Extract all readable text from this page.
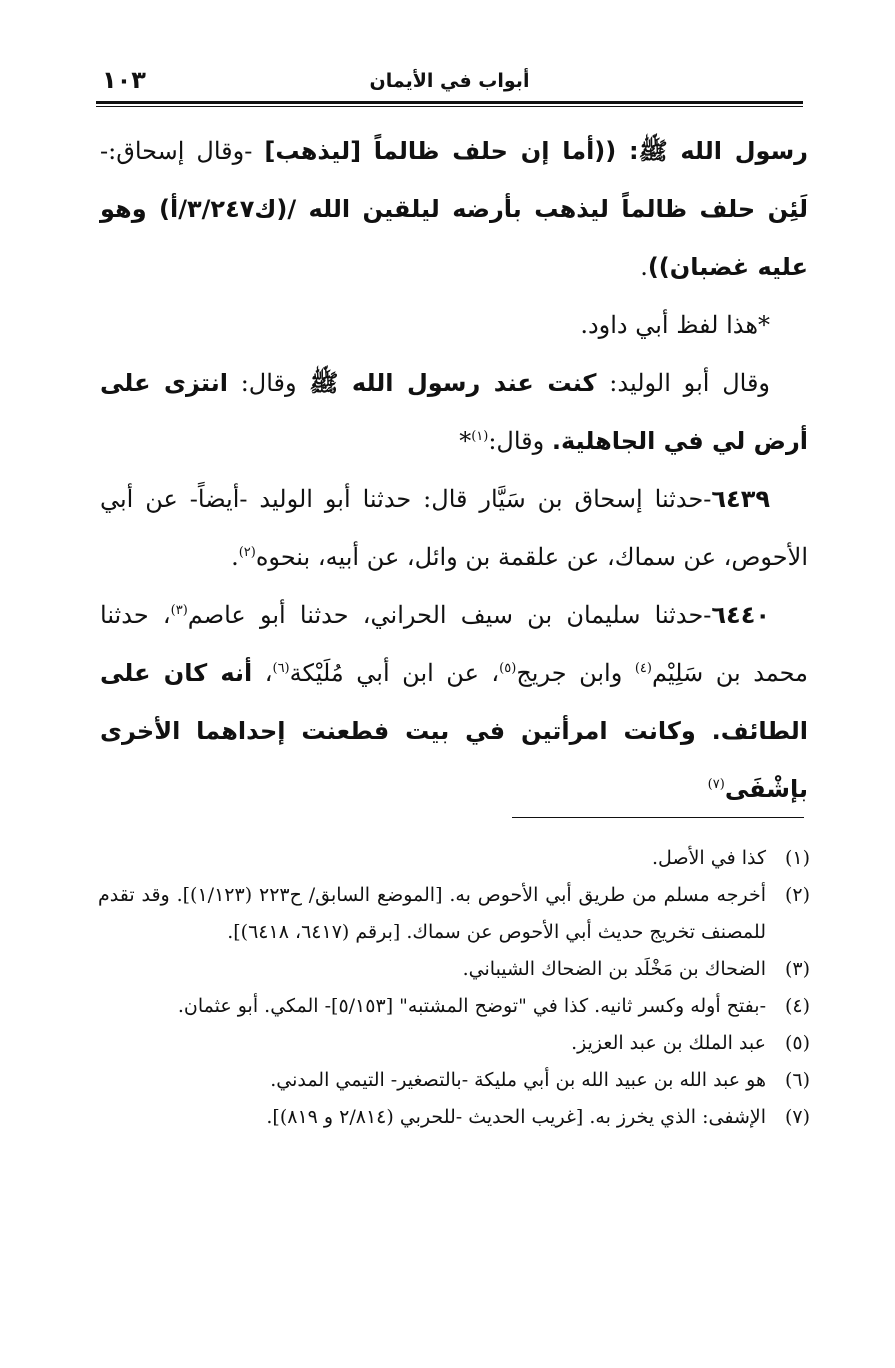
أبواب في الأيمان
١٠٣

رسول الله ﷺ: ((أما إن حلف ظالماً [ليذهب] -وقال إسحاق:- لَئِن حلف ظالماً ليذهب بأرضه ليلقين الله /(ك٣/٢٤٧/أ) وهو عليه غضبان)).

*هذا لفظ أبي داود.

وقال أبو الوليد: كنت عند رسول الله ﷺ وقال: انتزى على أرض لي في الجاهلية. وقال:$^{(١)}$*

٦٤٣٩-حدثنا إسحاق بن سَيَّار قال: حدثنا أبو الوليد -أيضاً- عن أبي الأحوص، عن سماك، عن علقمة بن وائل، عن أبيه، بنحوه$^{(٢)}$.

٦٤٤٠-حدثنا سليمان بن سيف الحراني، حدثنا أبو عاصم$^{(٣)}$، حدثنا محمد بن سَلِيْم$^{(٤)}$ وابن جريج$^{(٥)}$، عن ابن أبي مُلَيْكة$^{(٦)}$، أنه كان على الطائف. وكانت امرأتين في بيت فطعنت إحداهما الأخرى بإشْفَى$^{(٧)}$

(١)كذا في الأصل.

(٢)أخرجه مسلم من طريق أبي الأحوص به. [الموضع السابق/ ح٢٢٣ (١/١٢٣)]. وقد تقدم للمصنف تخريج حديث أبي الأحوص عن سماك. [برقم (٦٤١٧، ٦٤١٨)].

(٣)الضحاك بن مَخْلَد بن الضحاك الشيباني.

(٤)-بفتح أوله وكسر ثانيه. كذا في "توضح المشتبه" [٥/١٥٣]- المكي. أبو عثمان.

(٥)عبد الملك بن عبد العزيز.

(٦)هو عبد الله بن عبيد الله بن أبي مليكة -بالتصغير- التيمي المدني.

(٧)الإشفى: الذي يخرز به. [غريب الحديث -للحربي (٢/٨١٤ و ٨١٩)].
